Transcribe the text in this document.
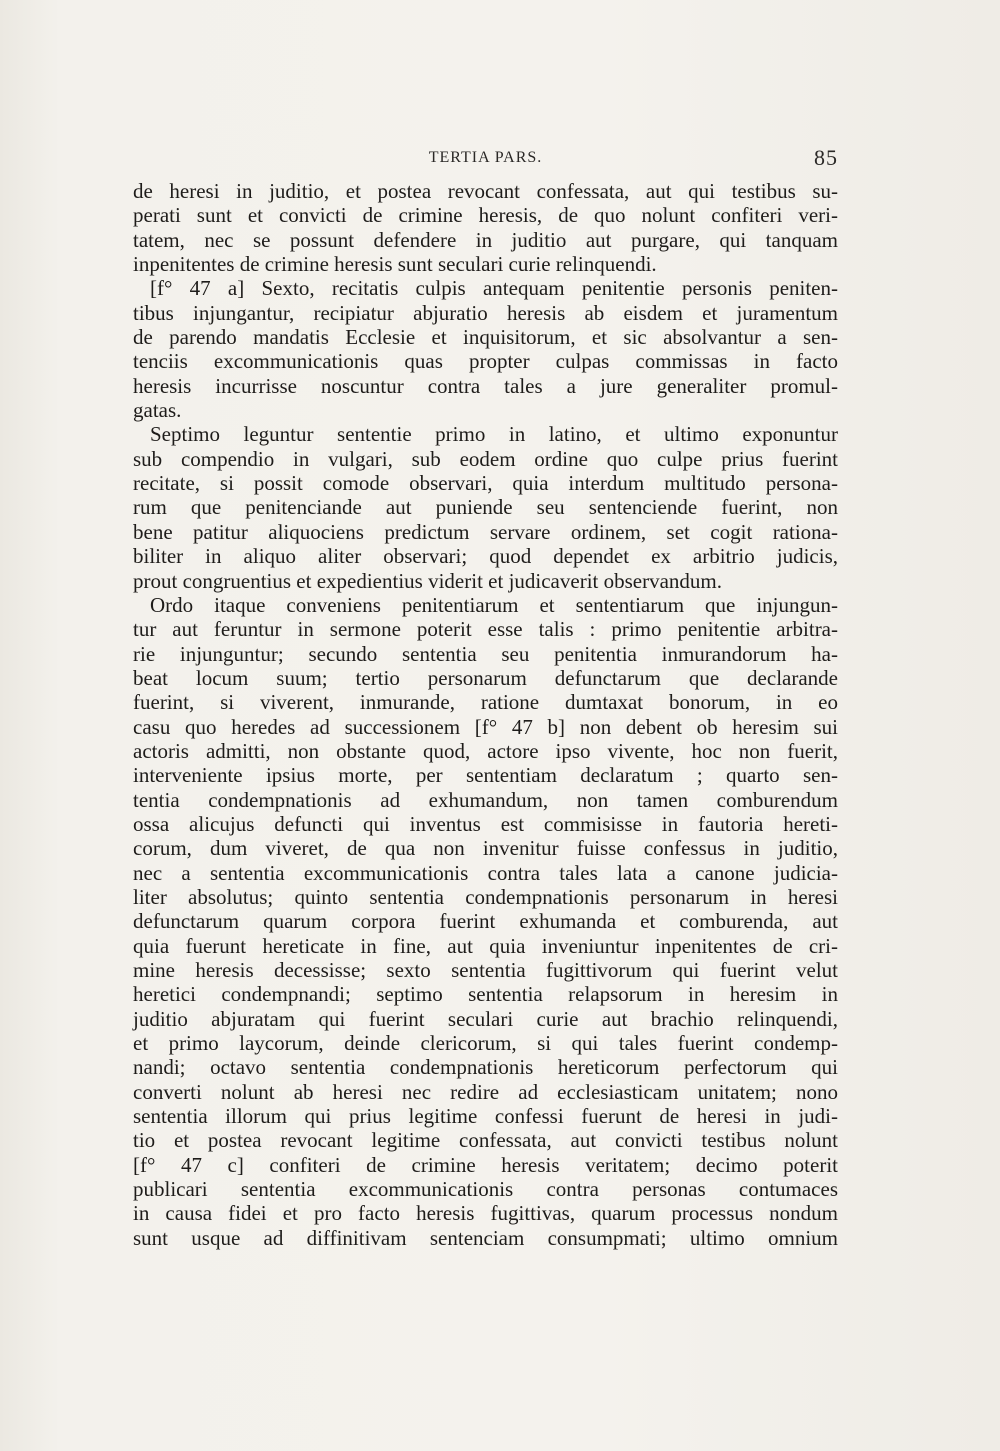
TERTIA PARS.	85
de heresi in juditio, et postea revocant confessata, aut qui testibus su-
perati sunt et convicti de crimine heresis, de quo nolunt confiteri veri-
tatem, nec se possunt defendere in juditio aut purgare, qui tanquam
inpenitentes de crimine heresis sunt seculari curie relinquendi.
[f° 47 a] Sexto, recitatis culpis antequam penitentie personis peniten-
tibus injungantur, recipiatur abjuratio heresis ab eisdem et juramentum
de parendo mandatis Ecclesie et inquisitorum, et sic absolvantur a sen-
tenciis excommunicationis quas propter culpas commissas in facto
heresis incurrisse noscuntur contra tales a jure generaliter promul-
gatas.
Septimo leguntur sententie primo in latino, et ultimo exponuntur
sub compendio in vulgari, sub eodem ordine quo culpe prius fuerint
recitate, si possit comode observari, quia interdum multitudo persona-
rum que penitenciande aut puniende seu sentenciende fuerint, non
bene patitur aliquociens predictum servare ordinem, set cogit rationa-
biliter in aliquo aliter observari; quod dependet ex arbitrio judicis,
prout congruentius et expedientius viderit et judicaverit observandum.
Ordo itaque conveniens penitentiarum et sententiarum que injungun-
tur aut feruntur in sermone poterit esse talis : primo penitentie arbitra-
rie injunguntur; secundo sententia seu penitentia inmurandorum ha-
beat locum suum; tertio personarum defunctarum que declarande
fuerint, si viverent, inmurande, ratione dumtaxat bonorum, in eo
casu quo heredes ad successionem [f° 47 b] non debent ob heresim sui
actoris admitti, non obstante quod, actore ipso vivente, hoc non fuerit,
interveniente ipsius morte, per sententiam declaratum ; quarto sen-
tentia condempnationis ad exhumandum, non tamen comburendum
ossa alicujus defuncti qui inventus est commisisse in fautoria hereti-
corum, dum viveret, de qua non invenitur fuisse confessus in juditio,
nec a sententia excommunicationis contra tales lata a canone judicia-
liter absolutus; quinto sententia condempnationis personarum in heresi
defunctarum quarum corpora fuerint exhumanda et comburenda, aut
quia fuerunt hereticate in fine, aut quia inveniuntur inpenitentes de cri-
mine heresis decessisse; sexto sententia fugittivorum qui fuerint velut
heretici condempnandi; septimo sententia relapsorum in heresim in
juditio abjuratam qui fuerint seculari curie aut brachio relinquendi,
et primo laycorum, deinde clericorum, si qui tales fuerint condemp-
nandi; octavo sententia condempnationis hereticorum perfectorum qui
converti nolunt ab heresi nec redire ad ecclesiasticam unitatem; nono
sententia illorum qui prius legitime confessi fuerunt de heresi in judi-
tio et postea revocant legitime confessata, aut convicti testibus nolunt
[f° 47 c] confiteri de crimine heresis veritatem; decimo poterit
publicari sententia excommunicationis contra personas contumaces
in causa fidei et pro facto heresis fugittivas, quarum processus nondum
sunt usque ad diffinitivam sentenciam consumpmati; ultimo omnium
